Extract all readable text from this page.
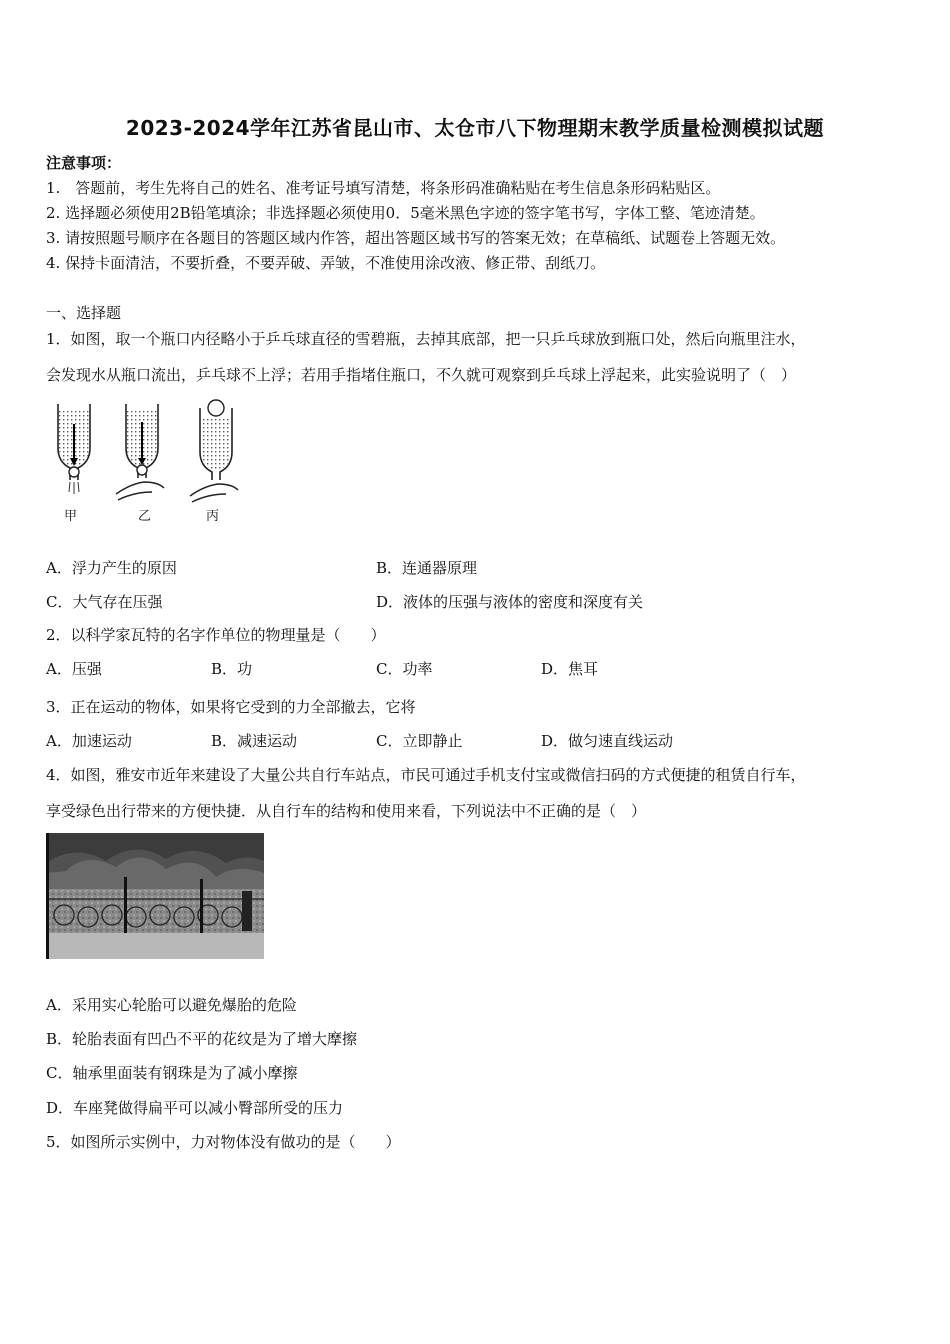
2023-2024学年江苏省昆山市、太仓市八下物理期末教学质量检测模拟试题
注意事项：
1.　答题前，考生先将自己的姓名、准考证号填写清楚，将条形码准确粘贴在考生信息条形码粘贴区。
2. 选择题必须使用2B铅笔填涂；非选择题必须使用0．5毫米黑色字迹的签字笔书写，字体工整、笔迹清楚。
3. 请按照题号顺序在各题目的答题区域内作答，超出答题区域书写的答案无效；在草稿纸、试题卷上答题无效。
4. 保持卡面清洁，不要折叠，不要弄破、弄皱，不准使用涂改液、修正带、刮纸刀。
一、选择题
1．如图，取一个瓶口内径略小于乒乓球直径的雪碧瓶，去掉其底部，把一只乒乓球放到瓶口处，然后向瓶里注水，
会发现水从瓶口流出，乒乓球不上浮；若用手指堵住瓶口，不久就可观察到乒乓球上浮起来，此实验说明了（　）
甲	乙	丙
A．浮力产生的原因	B．连通器原理
C．大气存在压强	D．液体的压强与液体的密度和深度有关
2．以科学家瓦特的名字作单位的物理量是（　　）
A．压强	B．功	C．功率	D．焦耳
3．正在运动的物体，如果将它受到的力全部撤去，它将
A．加速运动	B．减速运动	C．立即静止	D．做匀速直线运动
4．如图，雅安市近年来建设了大量公共自行车站点，市民可通过手机支付宝或微信扫码的方式便捷的租赁自行车，
享受绿色出行带来的方便快捷．从自行车的结构和使用来看，下列说法中不正确的是（　）
A．采用实心轮胎可以避免爆胎的危险
B．轮胎表面有凹凸不平的花纹是为了增大摩擦
C．轴承里面装有钢珠是为了减小摩擦
D．车座凳做得扁平可以减小臀部所受的压力
5．如图所示实例中，力对物体没有做功的是（　　）
